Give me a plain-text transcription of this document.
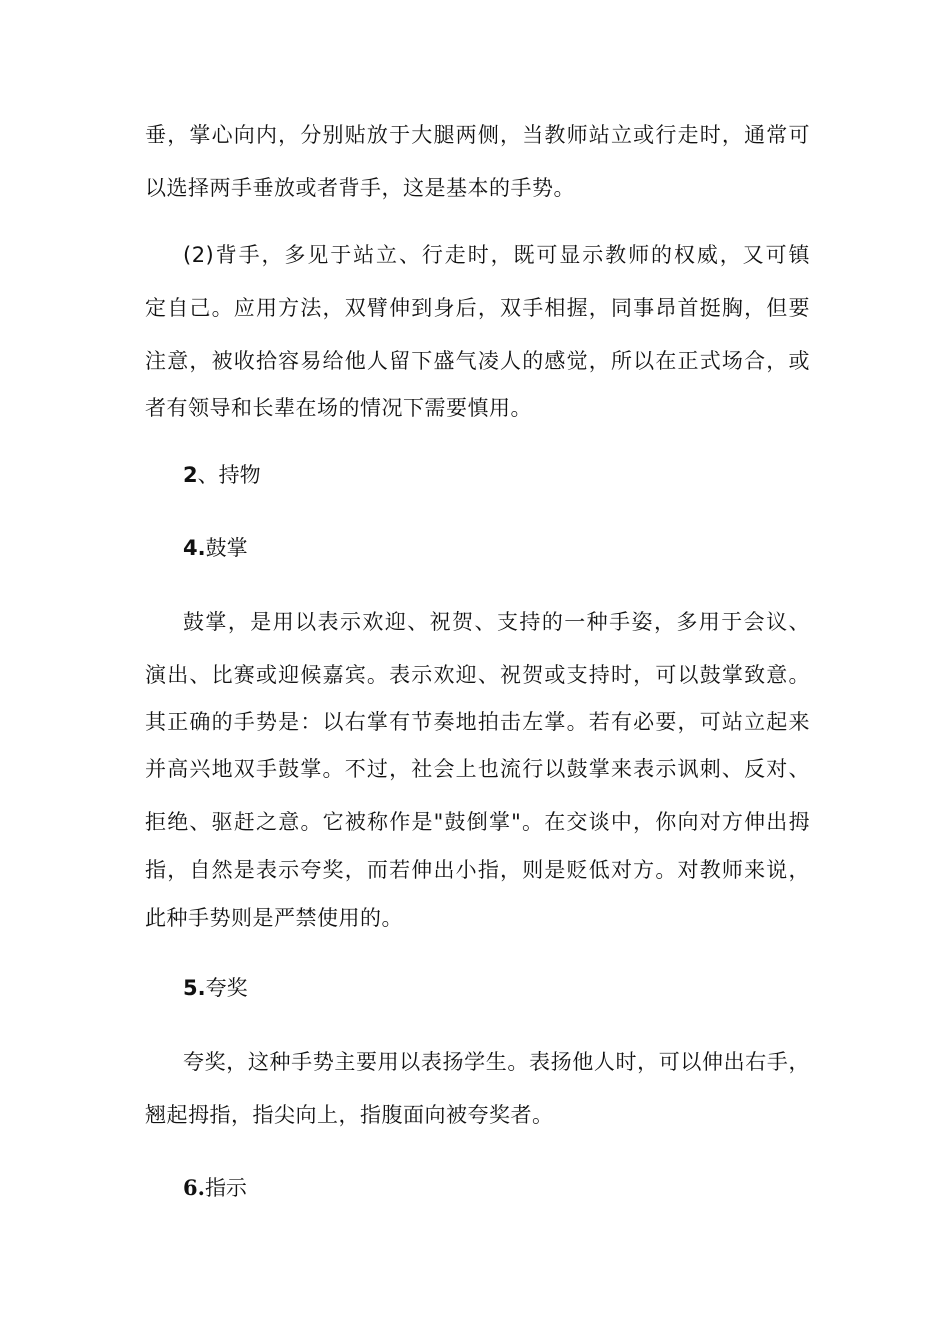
垂，掌心向内，分别贴放于大腿两侧，当教师站立或行走时，通常可
以选择两手垂放或者背手，这是基本的手势。
(2)背手，多见于站立、行走时，既可显示教师的权威，又可镇
定自己。应用方法，双臂伸到身后，双手相握，同事昂首挺胸，但要
注意，被收拾容易给他人留下盛气凌人的感觉，所以在正式场合，或
者有领导和长辈在场的情况下需要慎用。
2、持物
4.鼓掌
鼓掌，是用以表示欢迎、祝贺、支持的一种手姿，多用于会议、
演出、比赛或迎候嘉宾。表示欢迎、祝贺或支持时，可以鼓掌致意。
其正确的手势是：以右掌有节奏地拍击左掌。若有必要，可站立起来
并高兴地双手鼓掌。不过，社会上也流行以鼓掌来表示讽刺、反对、
拒绝、驱赶之意。它被称作是"鼓倒掌"。在交谈中，你向对方伸出拇
指，自然是表示夸奖，而若伸出小指，则是贬低对方。对教师来说，
此种手势则是严禁使用的。
5.夸奖
夸奖，这种手势主要用以表扬学生。表扬他人时，可以伸出右手，
翘起拇指，指尖向上，指腹面向被夸奖者。
6.指示
